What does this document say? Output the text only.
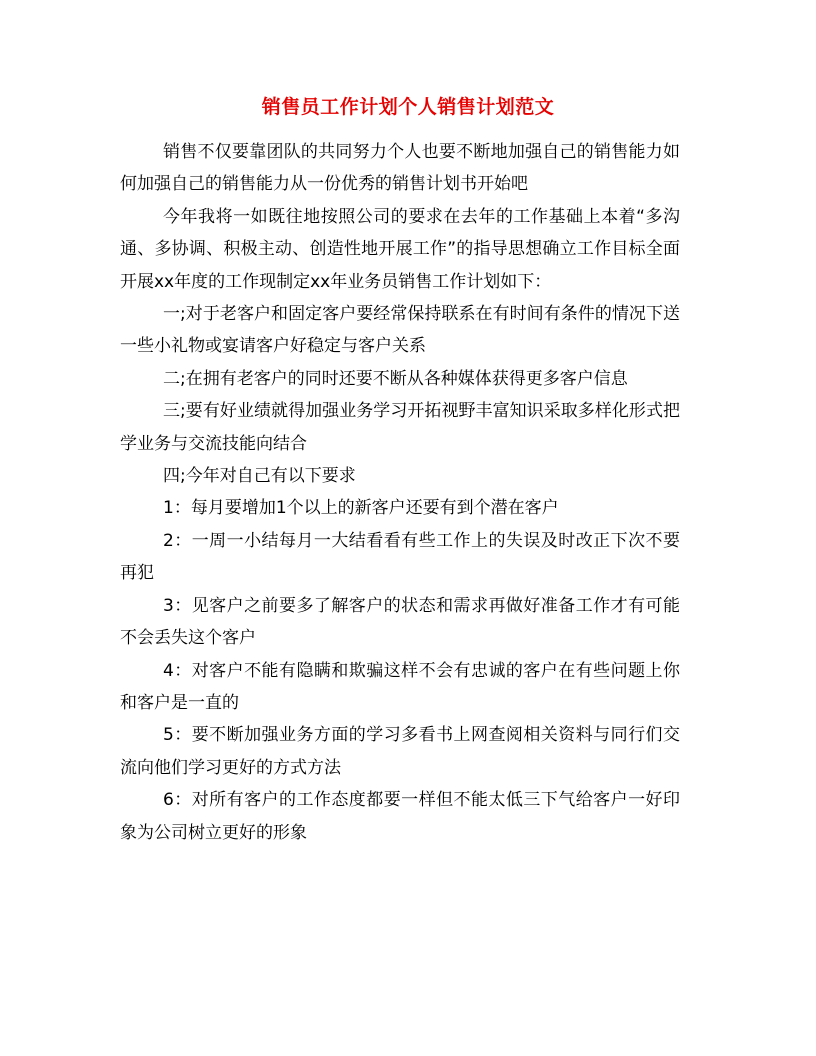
销售员工作计划个人销售计划范文

销售不仅要靠团队的共同努力个人也要不断地加强自己的销售能力如何加强自己的销售能力从一份优秀的销售计划书开始吧

今年我将一如既往地按照公司的要求在去年的工作基础上本着“多沟通、多协调、积极主动、创造性地开展工作”的指导思想确立工作目标全面开展xx年度的工作现制定xx年业务员销售工作计划如下：

一;对于老客户和固定客户要经常保持联系在有时间有条件的情况下送一些小礼物或宴请客户好稳定与客户关系

二;在拥有老客户的同时还要不断从各种媒体获得更多客户信息

三;要有好业绩就得加强业务学习开拓视野丰富知识采取多样化形式把学业务与交流技能向结合

四;今年对自己有以下要求

1：每月要增加1个以上的新客户还要有到个潜在客户

2：一周一小结每月一大结看看有些工作上的失误及时改正下次不要再犯

3：见客户之前要多了解客户的状态和需求再做好准备工作才有可能不会丢失这个客户

4：对客户不能有隐瞒和欺骗这样不会有忠诚的客户在有些问题上你和客户是一直的

5：要不断加强业务方面的学习多看书上网查阅相关资料与同行们交流向他们学习更好的方式方法

6：对所有客户的工作态度都要一样但不能太低三下气给客户一好印象为公司树立更好的形象
